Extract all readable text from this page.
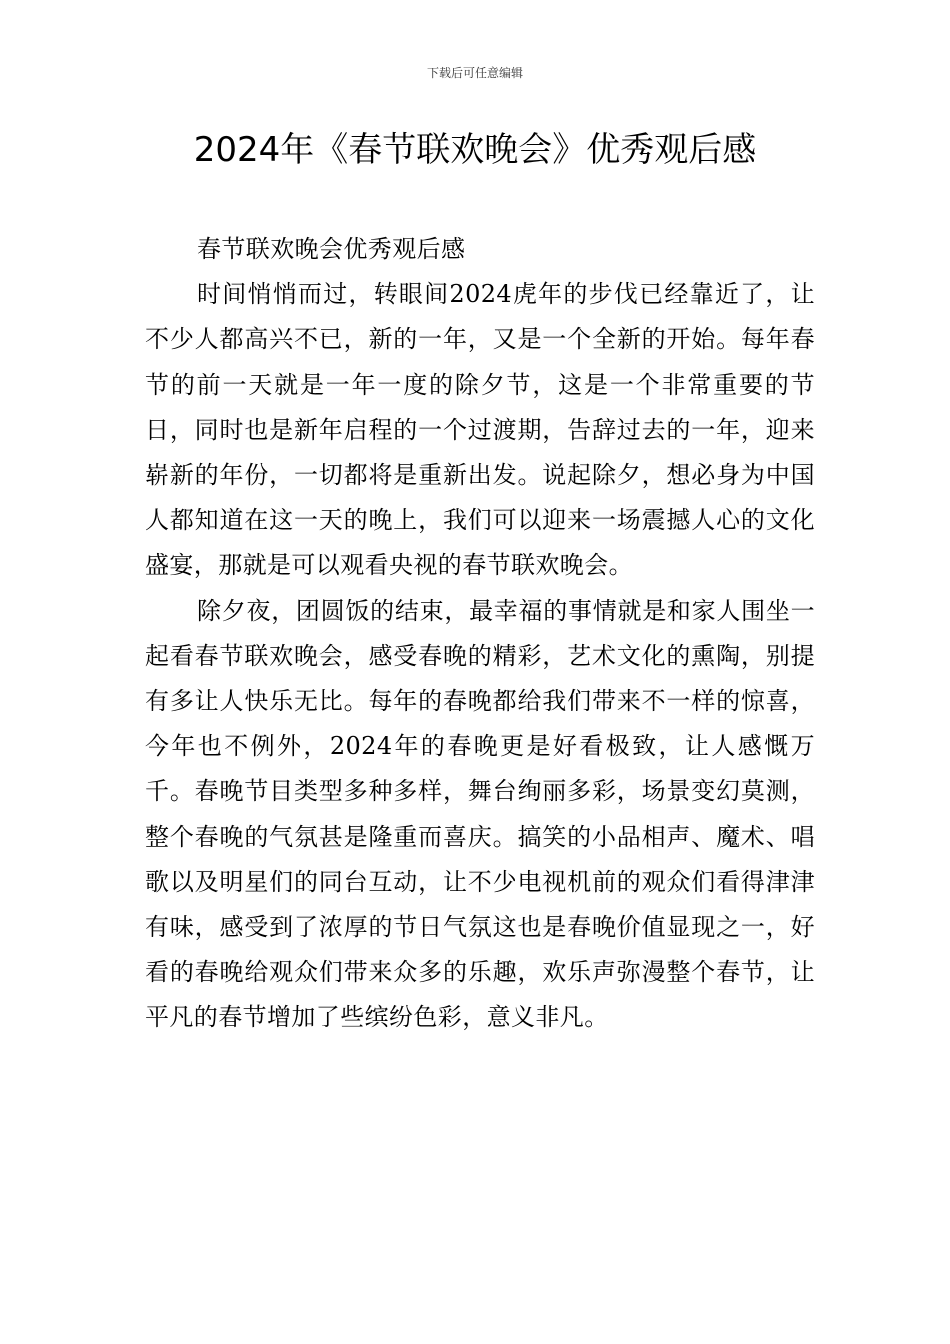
下载后可任意编辑
2024年《春节联欢晚会》优秀观后感

春节联欢晚会优秀观后感

时间悄悄而过，转眼间2024虎年的步伐已经靠近了，让不少人都高兴不已，新的一年，又是一个全新的开始。每年春节的前一天就是一年一度的除夕节，这是一个非常重要的节日，同时也是新年启程的一个过渡期，告辞过去的一年，迎来崭新的年份，一切都将是重新出发。说起除夕，想必身为中国人都知道在这一天的晚上，我们可以迎来一场震撼人心的文化盛宴，那就是可以观看央视的春节联欢晚会。

除夕夜，团圆饭的结束，最幸福的事情就是和家人围坐一起看春节联欢晚会，感受春晚的精彩，艺术文化的熏陶，别提有多让人快乐无比。每年的春晚都给我们带来不一样的惊喜，今年也不例外，2024年的春晚更是好看极致，让人感慨万千。春晚节目类型多种多样，舞台绚丽多彩，场景变幻莫测，整个春晚的气氛甚是隆重而喜庆。搞笑的小品相声、魔术、唱歌以及明星们的同台互动，让不少电视机前的观众们看得津津有味，感受到了浓厚的节日气氛这也是春晚价值显现之一，好看的春晚给观众们带来众多的乐趣，欢乐声弥漫整个春节，让平凡的春节增加了些缤纷色彩，意义非凡。
